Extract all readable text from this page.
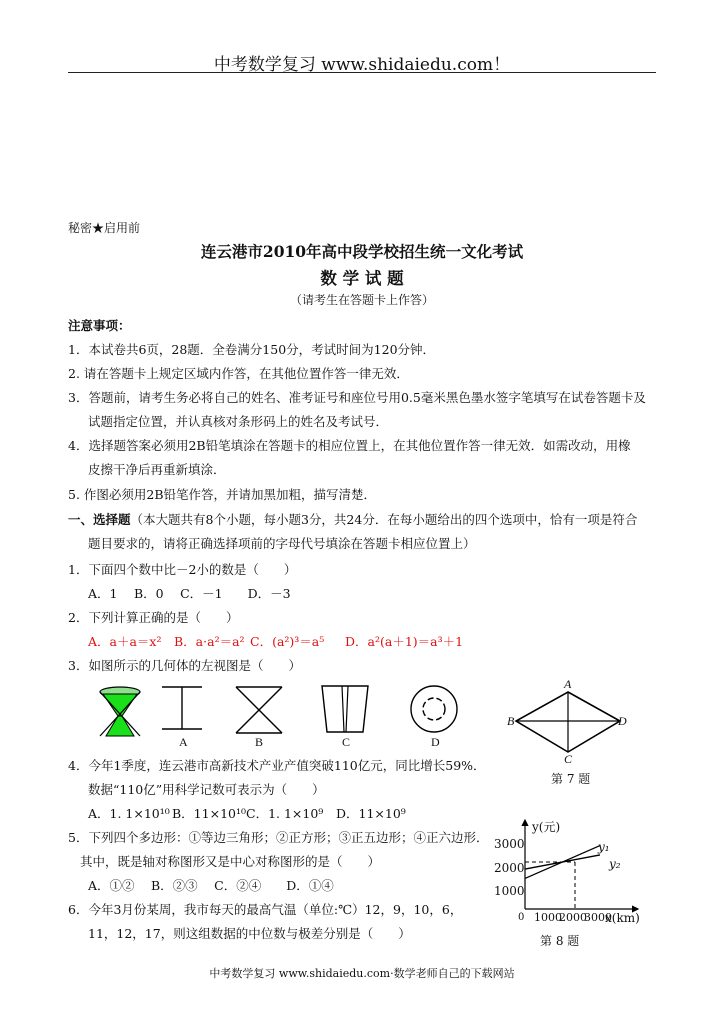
中考数学复习 www.shidaiedu.com！
秘密★启用前
连云港市2010年高中段学校招生统一文化考试
数 学 试 题
（请考生在答题卡上作答）
注意事项：
1．本试卷共6页，28题．全卷满分150分，考试时间为120分钟．
2. 请在答题卡上规定区域内作答，在其他位置作答一律无效．
3．答题前，请考生务必将自己的姓名、准考证号和座位号用0.5毫米黑色墨水签字笔填写在试卷答题卡及
试题指定位置，并认真核对条形码上的姓名及考试号．
4．选择题答案必须用2B铅笔填涂在答题卡的相应位置上，在其他位置作答一律无效．如需改动，用橡
皮擦干净后再重新填涂．
5. 作图必须用2B铅笔作答，并请加黑加粗，描写清楚．
一、选择题（本大题共有8个小题，每小题3分，共24分．在每小题给出的四个选项中，恰有一项是符合
题目要求的，请将正确选择项前的字母代号填涂在答题卡相应位置上）
1．下面四个数中比－2小的数是（　　）
A．1　 B．0　 C．－1　　D．－3
2．下列计算正确的是（　　）
A．a＋a＝x² B．a·a²＝a² C．(a²)³＝a⁵ D．a²(a＋1)＝a³＋1
3．如图所示的几何体的左视图是（　　）
A	B	C	D
A
B
C
D
第 7 题
4．今年1季度，连云港市高新技术产业产值突破110亿元，同比增长59%．
数据“110亿”用科学记数可表示为（　　）
A．1. 1×10¹⁰ B．11×10¹⁰ C．1. 1×10⁹ D．11×10⁹
5．下列四个多边形：①等边三角形；②正方形；③正五边形；④正六边形．
其中，既是轴对称图形又是中心对称图形的是（　　）
A．①②　 B．②③　 C．②④　　D．①④
6．今年3月份某周，我市每天的最高气温（单位:℃）12，9，10，6，
11，12，17，则这组数据的中位数与极差分别是（　　）
y(元)
3000
2000
1000
0 1000
2000
3000
x(km)
y₁
y₂
第 8 题
中考数学复习 www.shidaiedu.com·数学老师自己的下载网站
